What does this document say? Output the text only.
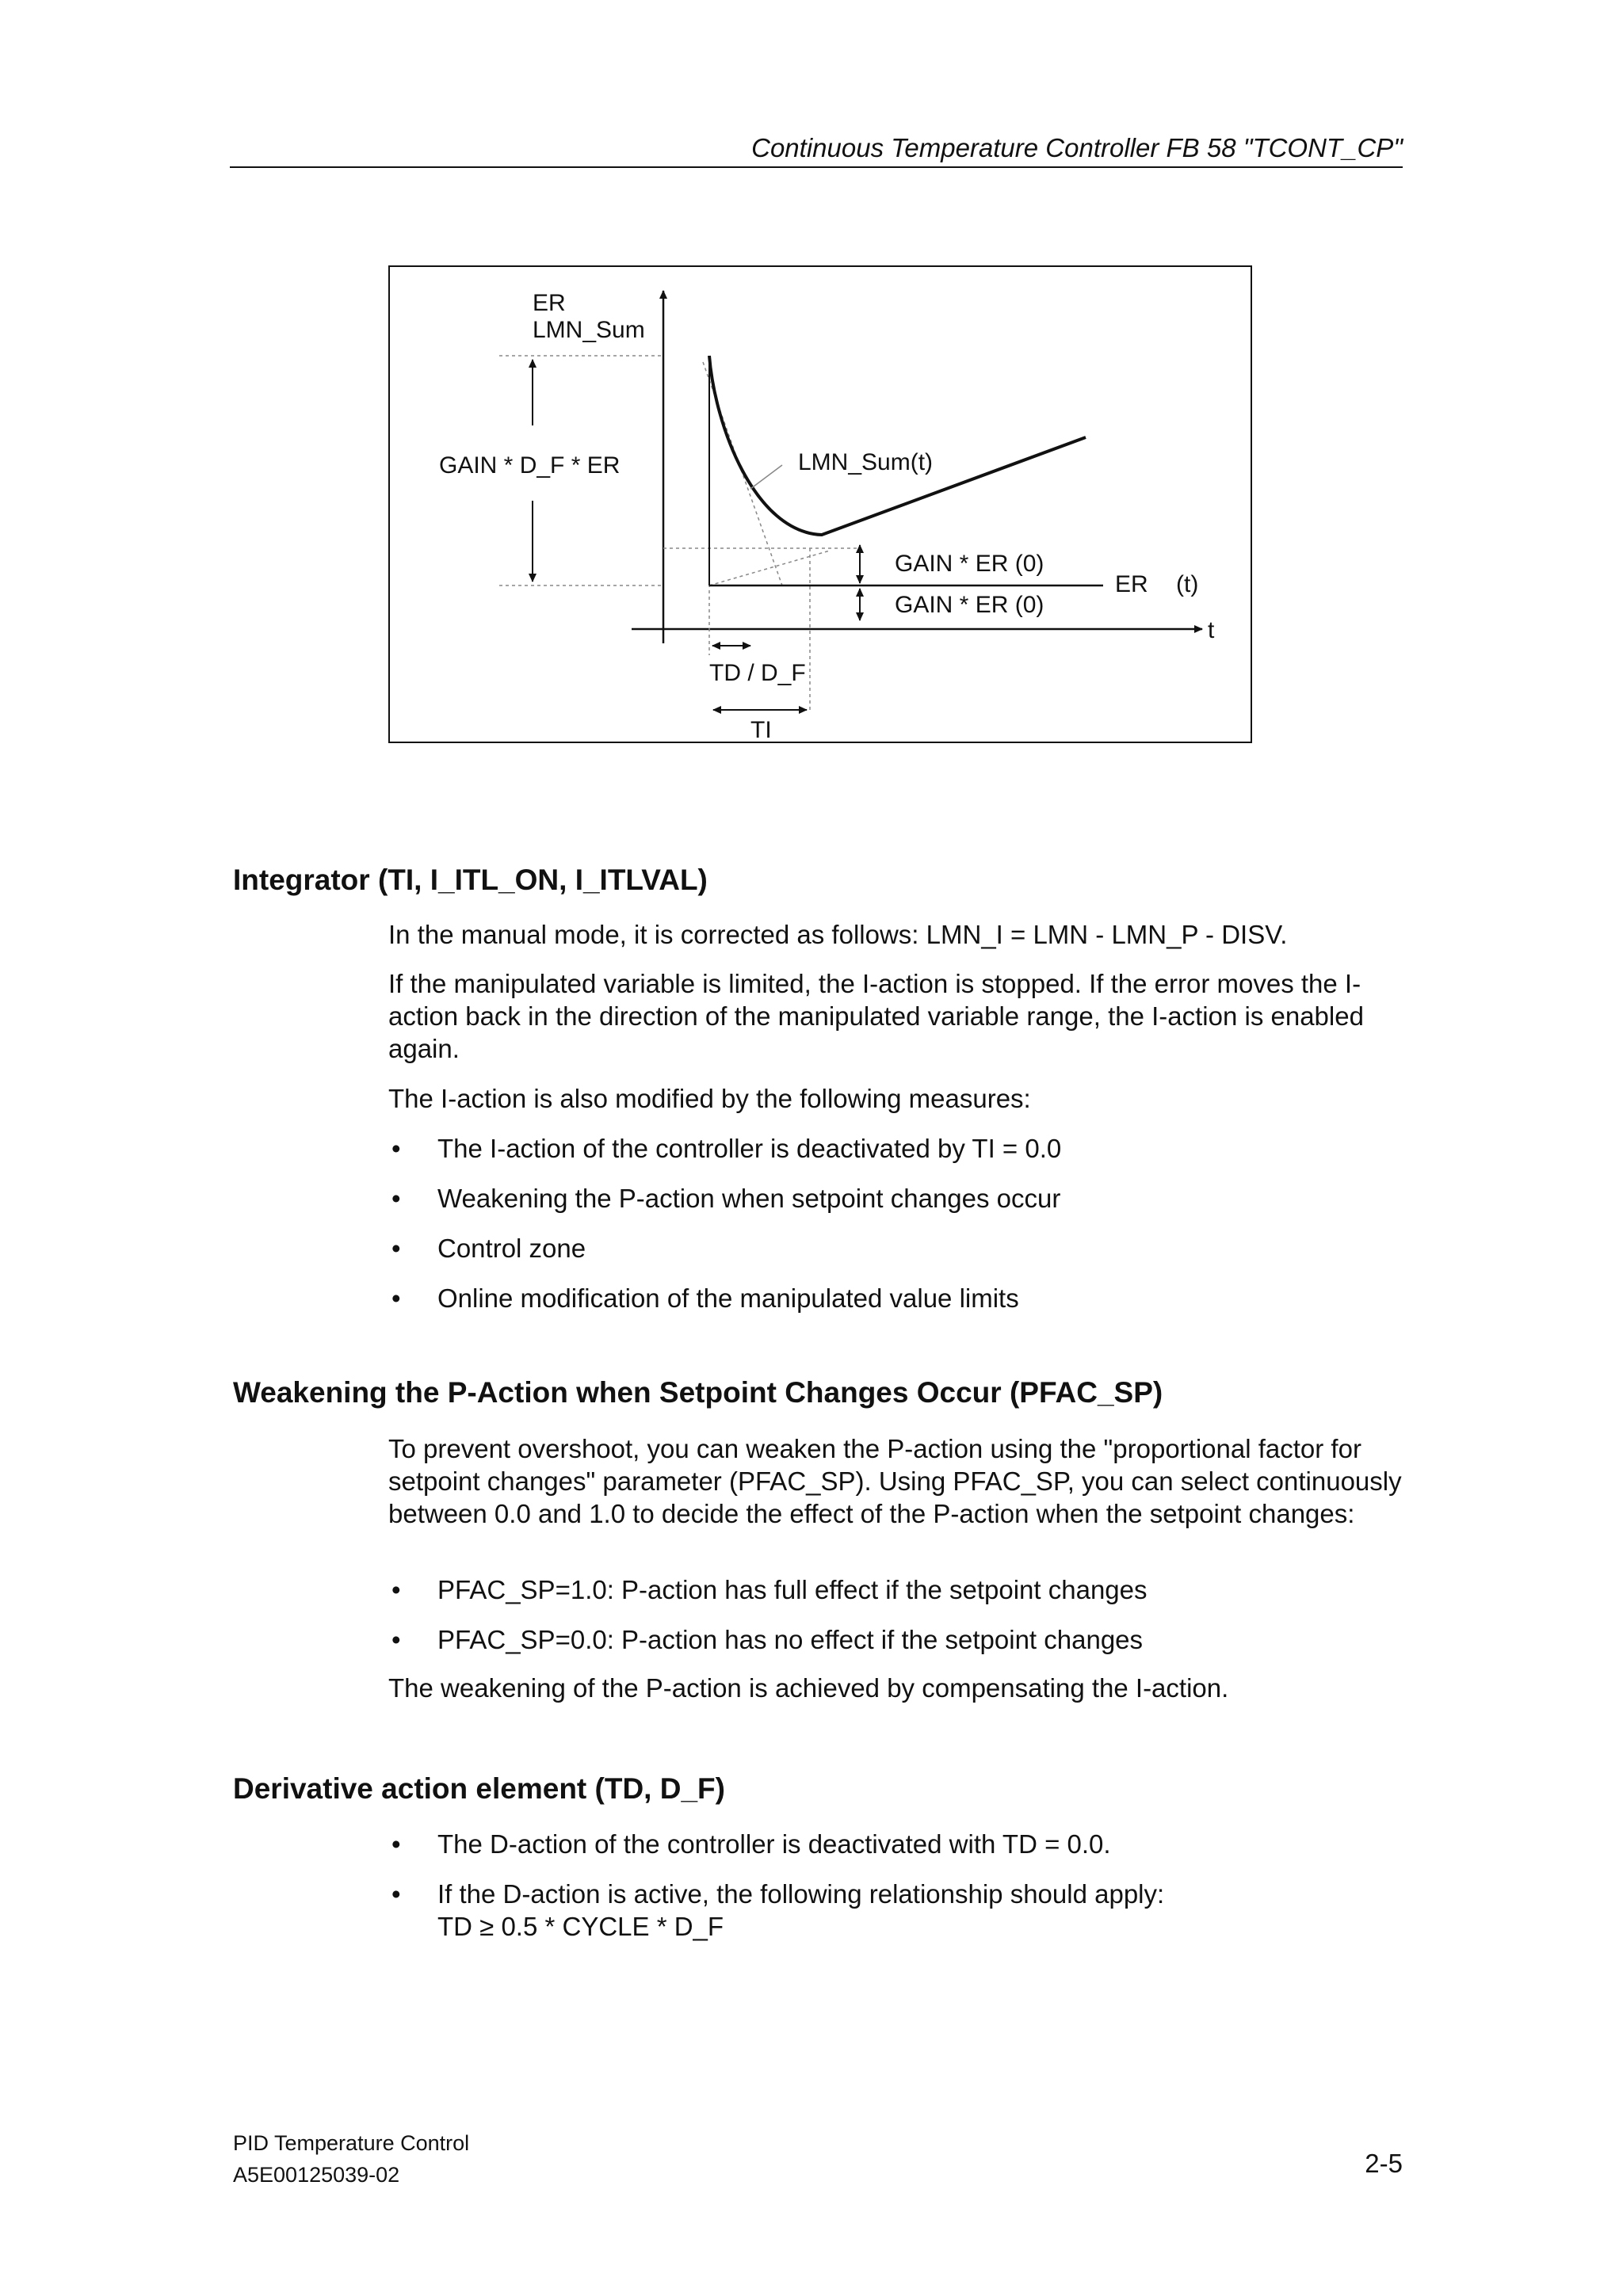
Continuous Temperature Controller FB 58 "TCONT_CP"
ER
LMN_Sum
GAIN * D_F * ER	LMN_Sum(t)
GAIN * ER (0)
GAIN * ER (0)
ER (t)
t
TD / D_F
TI
Integrator (TI, I_ITL_ON, I_ITLVAL)

In the manual mode, it is corrected as follows: LMN_I = LMN - LMN_P - DISV.

If the manipulated variable is limited, the I-action is stopped. If the error moves the I-action back in the direction of the manipulated variable range, the I-action is enabled again.

The I-action is also modified by the following measures:

• The I-action of the controller is deactivated by TI = 0.0
• Weakening the P-action when setpoint changes occur
• Control zone
• Online modification of the manipulated value limits
Weakening the P-Action when Setpoint Changes Occur (PFAC_SP)

To prevent overshoot, you can weaken the P-action using the "proportional factor for setpoint changes" parameter (PFAC_SP). Using PFAC_SP, you can select continuously between 0.0 and 1.0 to decide the effect of the P-action when the setpoint changes:

• PFAC_SP=1.0: P-action has full effect if the setpoint changes
• PFAC_SP=0.0: P-action has no effect if the setpoint changes

The weakening of the P-action is achieved by compensating the I-action.

Derivative action element (TD, D_F)
• The D-action of the controller is deactivated with TD = 0.0.
• If the D-action is active, the following relationship should apply:
TD ≥ 0.5 * CYCLE * D_F
PID Temperature Control
A5E00125039-02	2-5
